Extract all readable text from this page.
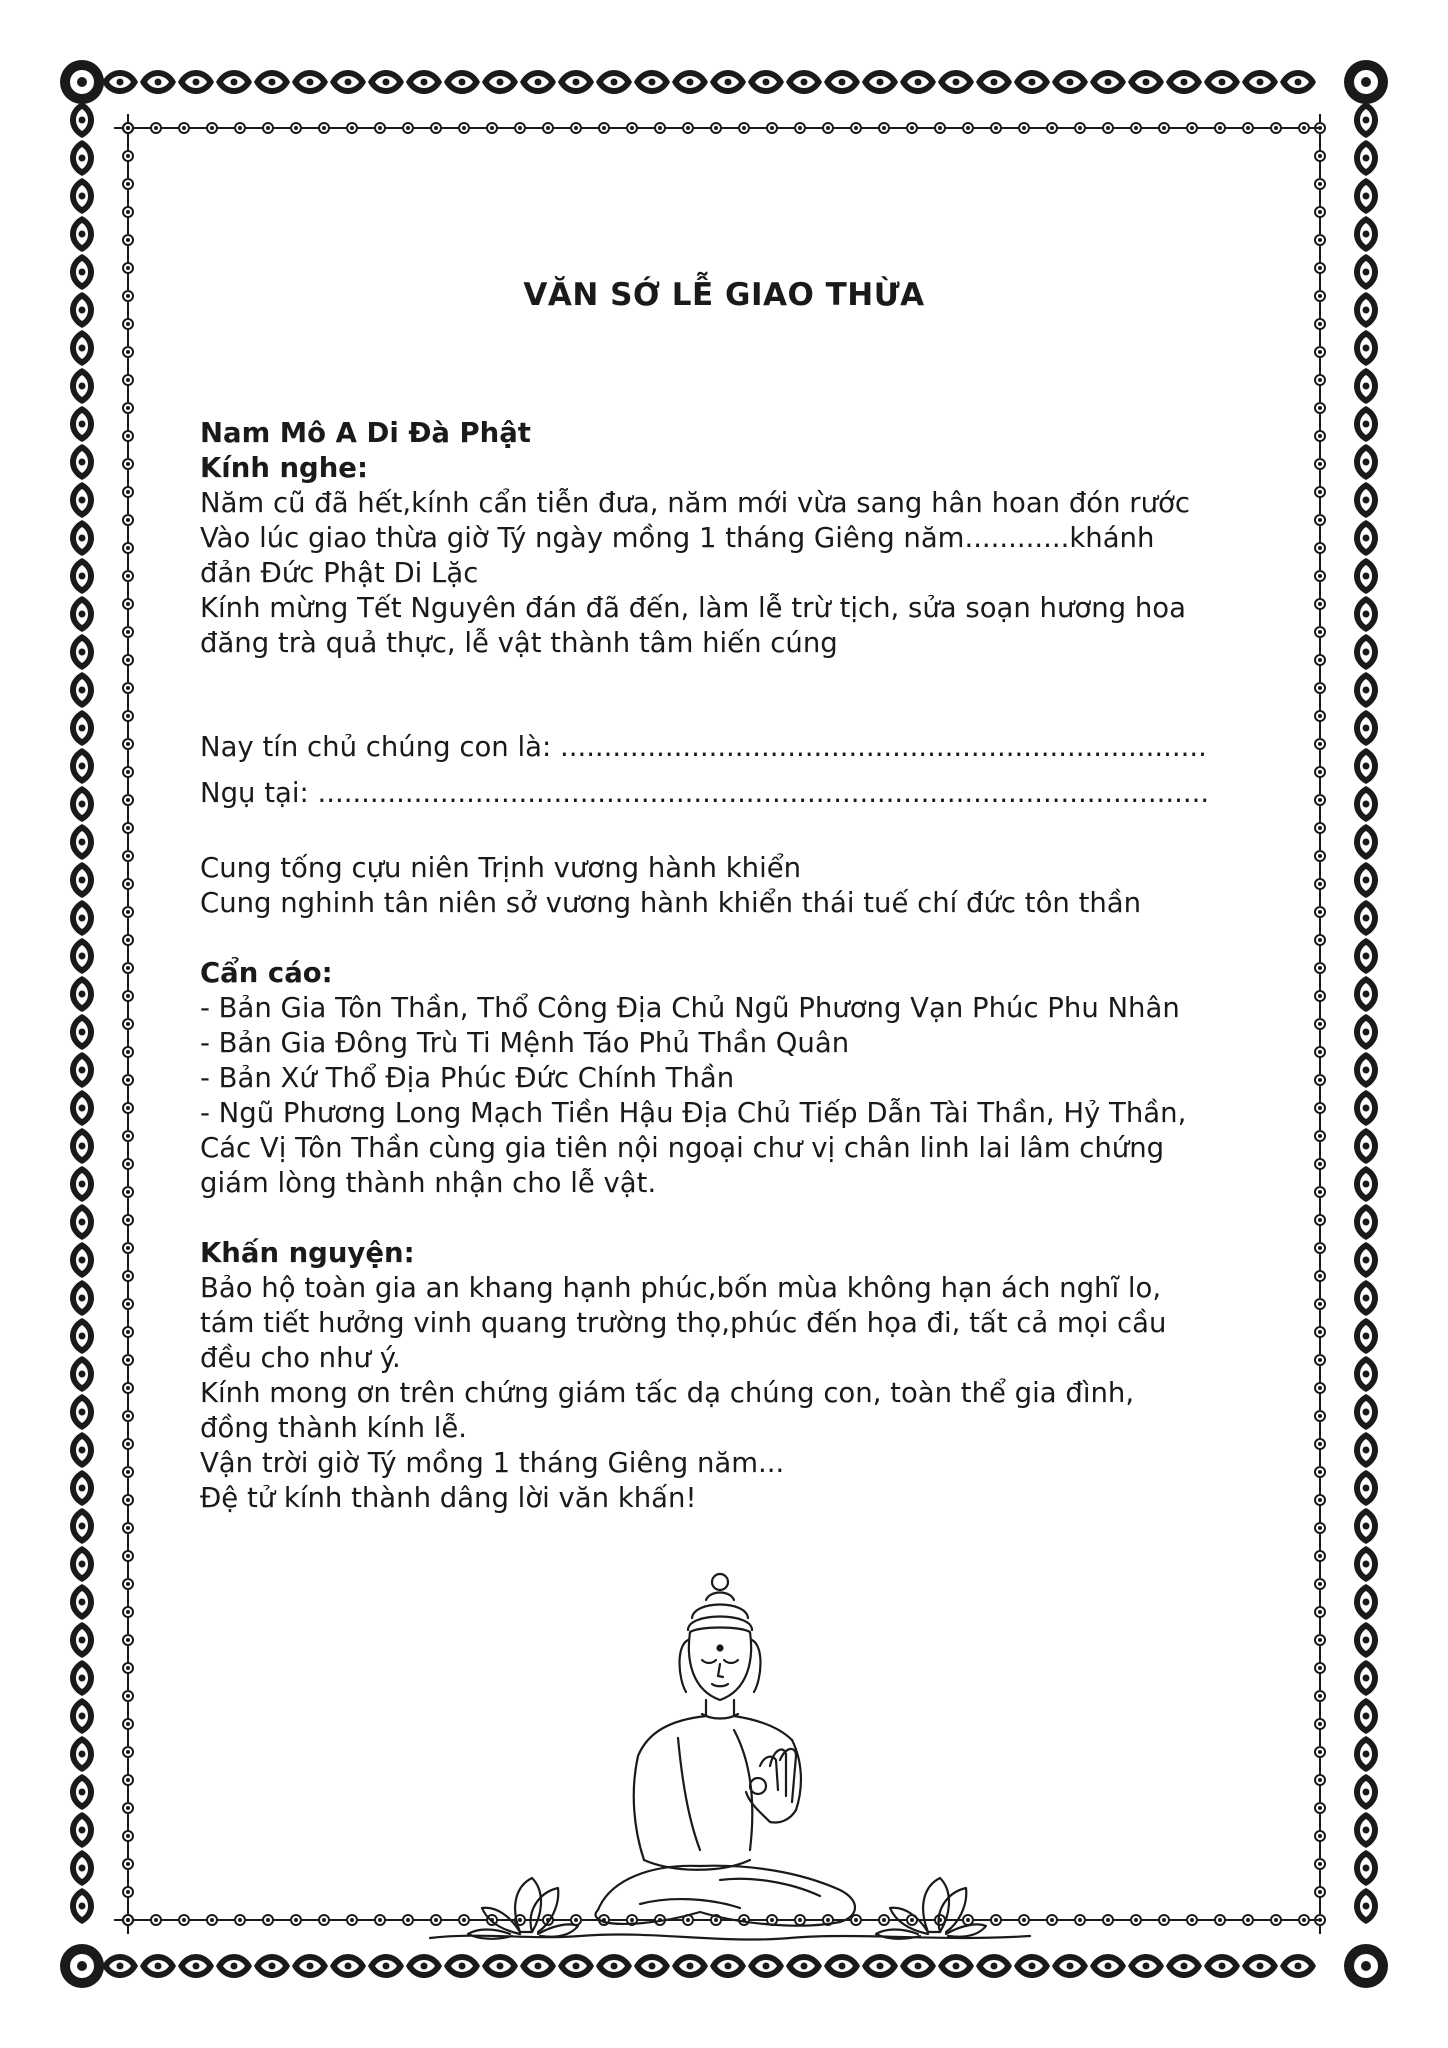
VĂN SỚ LỄ GIAO THỪA
Nam Mô A Di Đà Phật
Kính nghe:
Năm cũ đã hết,kính cẩn tiễn đưa, năm mới vừa sang hân hoan đón rước
Vào lúc giao thừa giờ Tý ngày mồng 1 tháng Giêng năm............khánh
đản Đức Phật Di Lặc
Kính mừng Tết Nguyên đán đã đến, làm lễ trừ tịch, sửa soạn hương hoa
đăng trà quả thực, lễ vật thành tâm hiến cúng
Nay tín chủ chúng con là: ..........................................................................
Ngụ tại: ......................................................................................................
Cung tống cựu niên Trịnh vương hành khiển
Cung nghinh tân niên sở vương hành khiển thái tuế chí đức tôn thần
Cẩn cáo:
- Bản Gia Tôn Thần, Thổ Công Địa Chủ Ngũ Phương Vạn Phúc Phu Nhân
- Bản Gia Đông Trù Ti Mệnh Táo Phủ Thần Quân
- Bản Xứ Thổ Địa Phúc Đức Chính Thần
- Ngũ Phương Long Mạch Tiền Hậu Địa Chủ Tiếp Dẫn Tài Thần, Hỷ Thần,
Các Vị Tôn Thần cùng gia tiên nội ngoại chư vị chân linh lai lâm chứng
giám lòng thành nhận cho lễ vật.
Khấn nguyện:
Bảo hộ toàn gia an khang hạnh phúc,bốn mùa không hạn ách nghĩ lo,
tám tiết hưởng vinh quang trường thọ,phúc đến họa đi, tất cả mọi cầu
đều cho như ý.
Kính mong ơn trên chứng giám tấc dạ chúng con, toàn thể gia đình,
đồng thành kính lễ.
Vận trời giờ Tý mồng 1 tháng Giêng năm...
Đệ tử kính thành dâng lời văn khấn!
